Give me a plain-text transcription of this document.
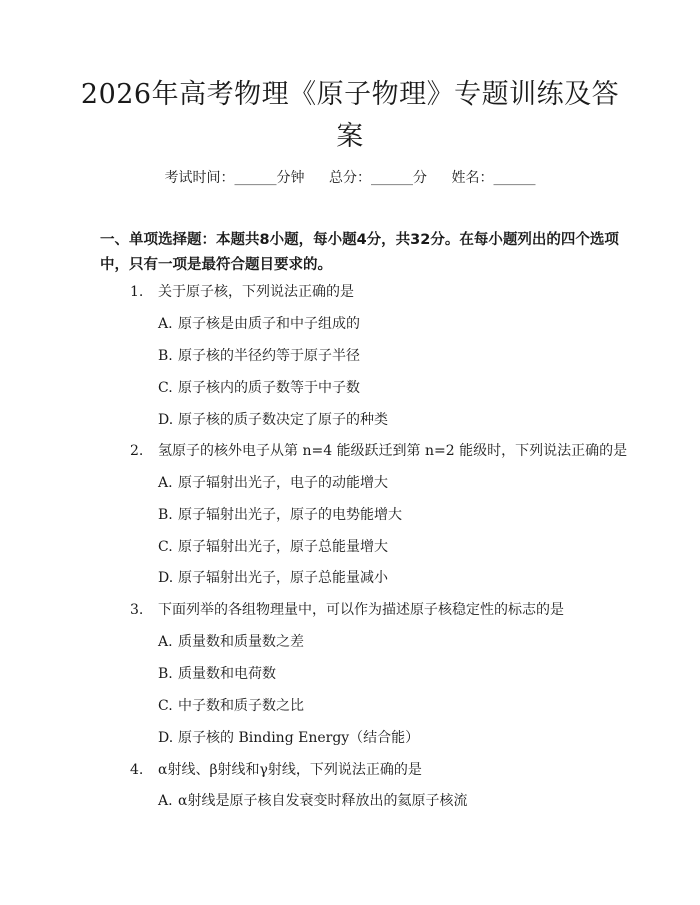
2026年高考物理《原子物理》专题训练及答案
考试时间：______分钟 总分：______分 姓名：______
一、单项选择题：本题共8小题，每小题4分，共32分。在每小题列出的四个选项中，只有一项是最符合题目要求的。
1. 关于原子核，下列说法正确的是
A. 原子核是由质子和中子组成的
B. 原子核的半径约等于原子半径
C. 原子核内的质子数等于中子数
D. 原子核的质子数决定了原子的种类
2. 氢原子的核外电子从第 n=4 能级跃迁到第 n=2 能级时，下列说法正确的是
A. 原子辐射出光子，电子的动能增大
B. 原子辐射出光子，原子的电势能增大
C. 原子辐射出光子，原子总能量增大
D. 原子辐射出光子，原子总能量减小
3. 下面列举的各组物理量中，可以作为描述原子核稳定性的标志的是
A. 质量数和质量数之差
B. 质量数和电荷数
C. 中子数和质子数之比
D. 原子核的 Binding Energy（结合能）
4. α射线、β射线和γ射线，下列说法正确的是
A. α射线是原子核自发衰变时释放出的氦原子核流
